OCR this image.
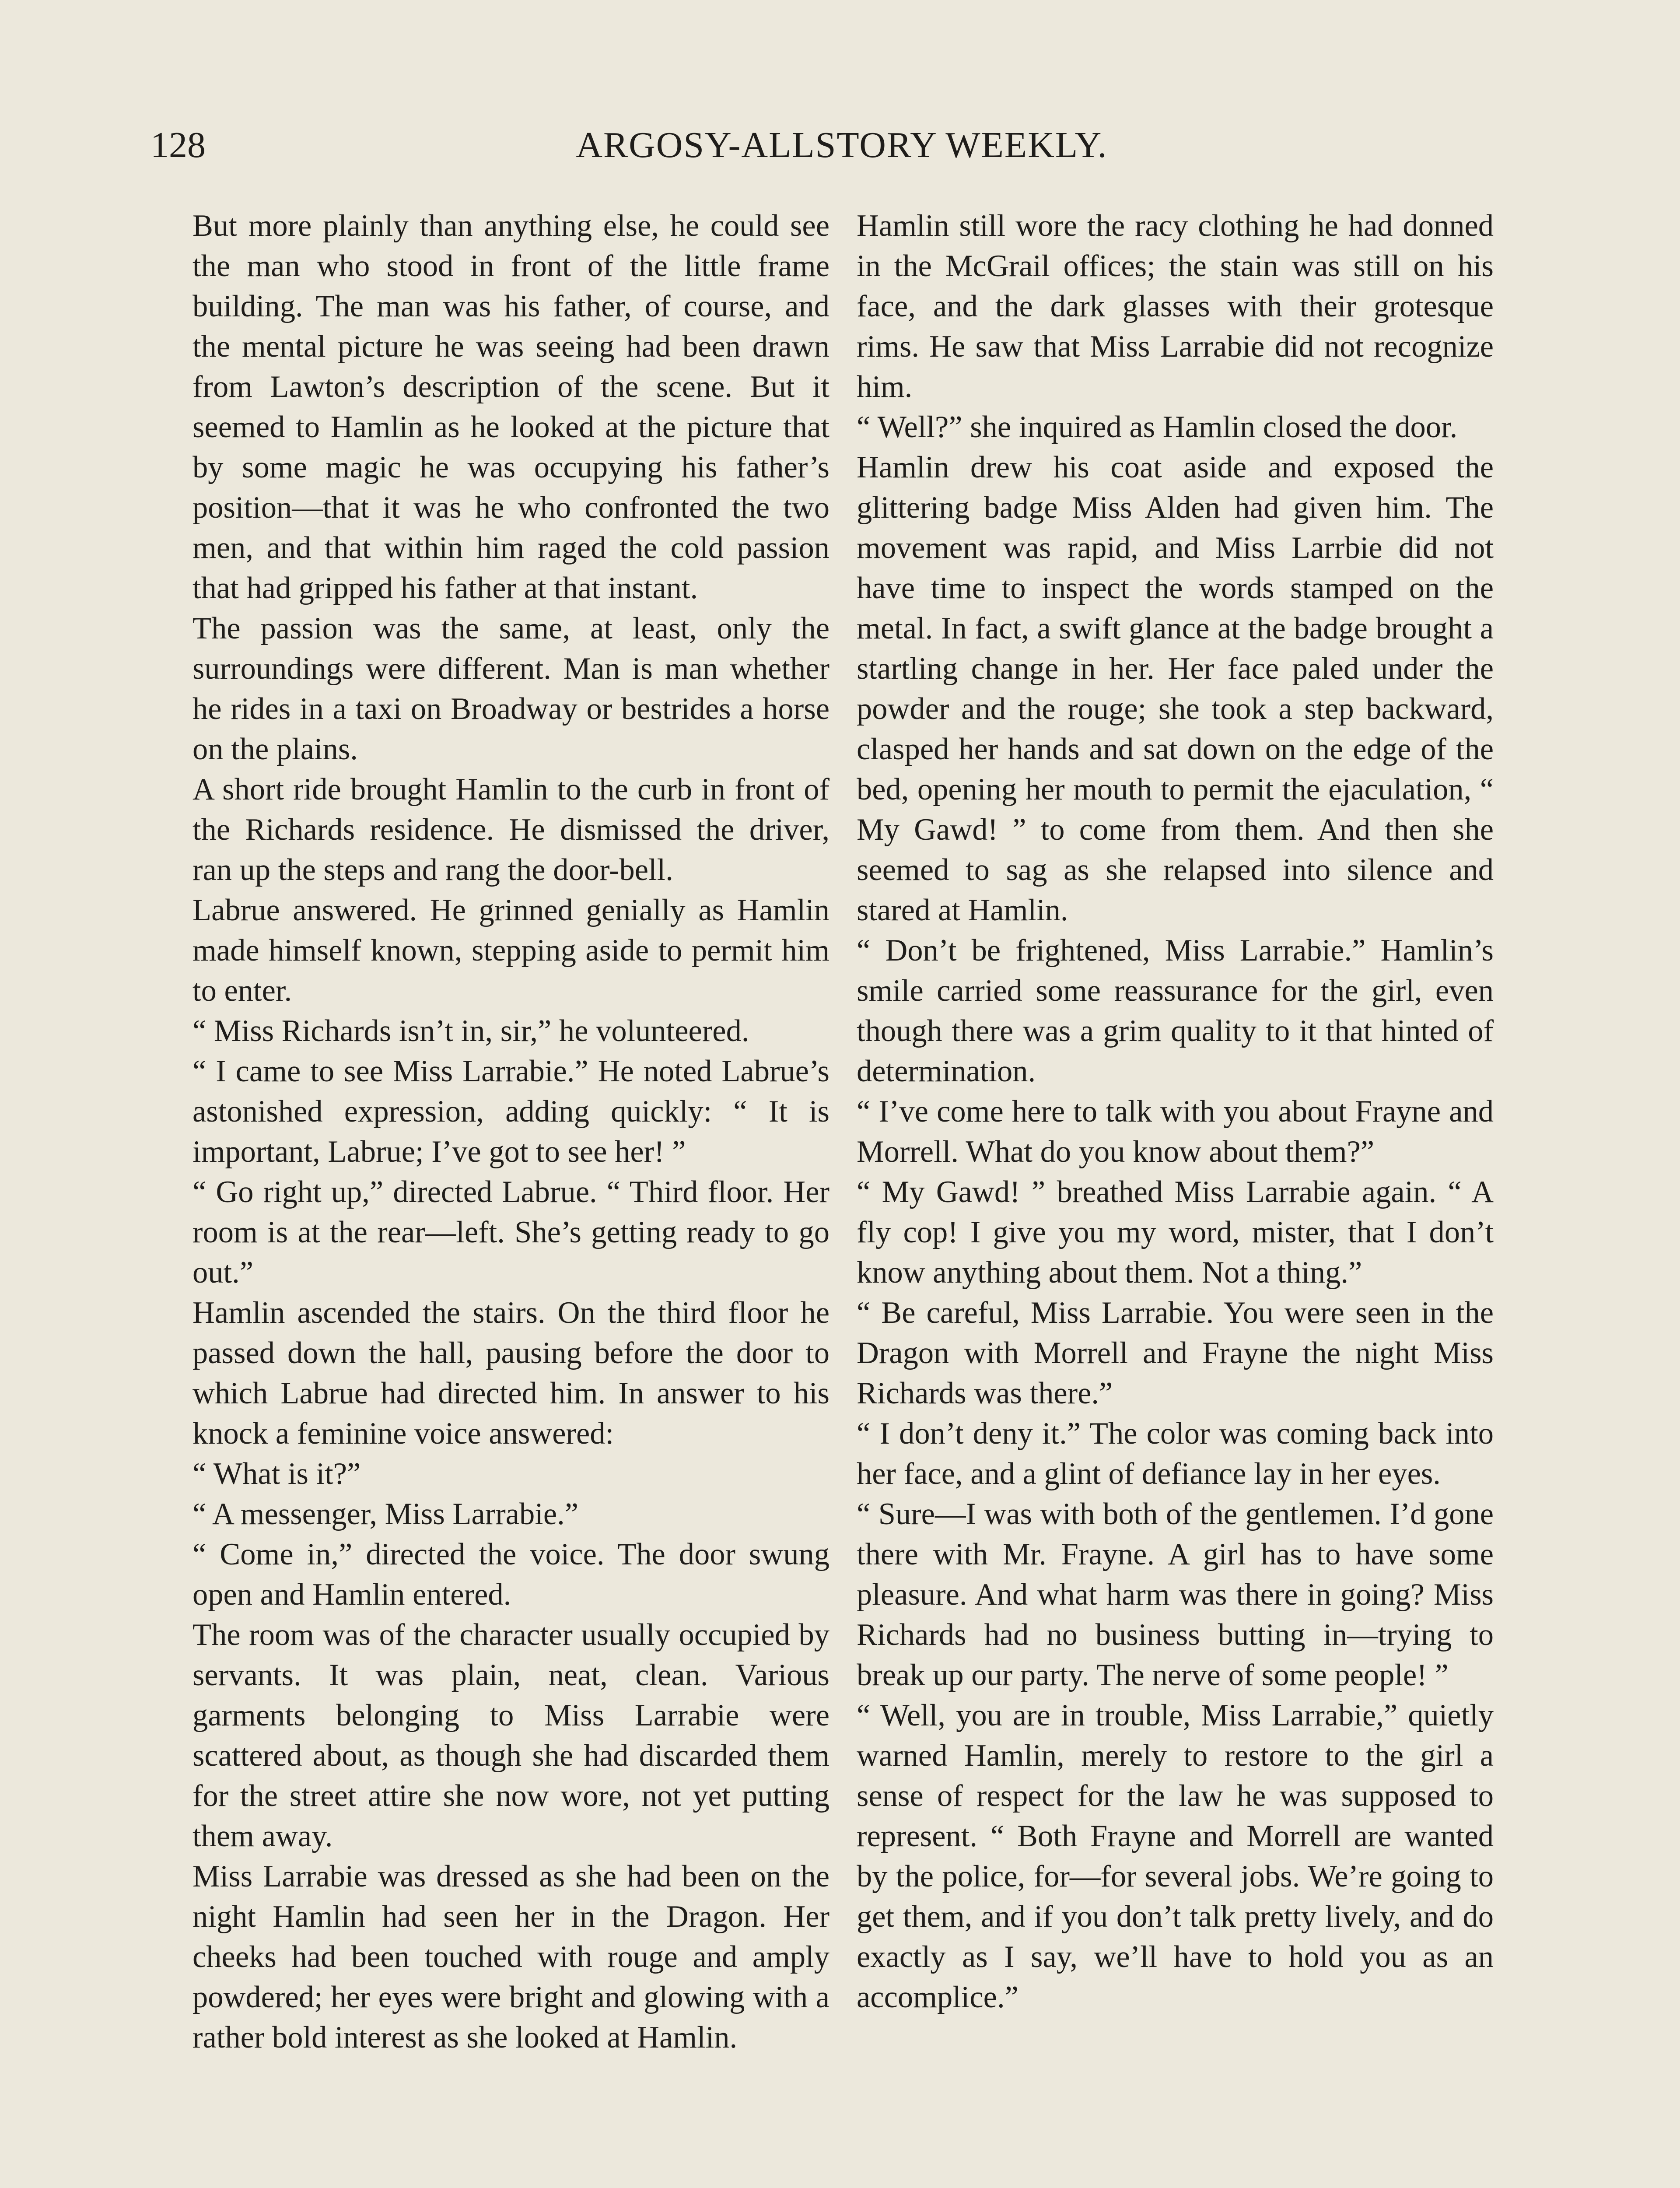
128	ARGOSY-ALLSTORY WEEKLY.

But more plainly than anything else, he could see the man who stood in front of the little frame building. The man was his father, of course, and the mental picture he was seeing had been drawn from Lawton’s description of the scene. But it seemed to Hamlin as he looked at the picture that by some magic he was occupying his father’s position—that it was he who confronted the two men, and that within him raged the cold passion that had gripped his father at that instant.

The passion was the same, at least, only the surroundings were different. Man is man whether he rides in a taxi on Broadway or bestrides a horse on the plains.

A short ride brought Hamlin to the curb in front of the Richards residence. He dismissed the driver, ran up the steps and rang the door-bell.

Labrue answered. He grinned genially as Hamlin made himself known, stepping aside to permit him to enter.

“ Miss Richards isn’t in, sir,” he volunteered.

“ I came to see Miss Larrabie.” He noted Labrue’s astonished expression, adding quickly: “ It is important, Labrue; I’ve got to see her! ”

“ Go right up,” directed Labrue. “ Third floor. Her room is at the rear—left. She’s getting ready to go out.”

Hamlin ascended the stairs. On the third floor he passed down the hall, pausing before the door to which Labrue had directed him. In answer to his knock a feminine voice answered:

“ What is it?”

“ A messenger, Miss Larrabie.”

“ Come in,” directed the voice. The door swung open and Hamlin entered.

The room was of the character usually occupied by servants. It was plain, neat, clean. Various garments belonging to Miss Larrabie were scattered about, as though she had discarded them for the street attire she now wore, not yet putting them away.

Miss Larrabie was dressed as she had been on the night Hamlin had seen her in the Dragon. Her cheeks had been touched with rouge and amply powdered; her eyes were bright and glowing with a rather bold interest as she looked at Hamlin.

Hamlin still wore the racy clothing he had donned in the McGrail offices; the stain was still on his face, and the dark glasses with their grotesque rims. He saw that Miss Larrabie did not recognize him.

“ Well?” she inquired as Hamlin closed the door.

Hamlin drew his coat aside and exposed the glittering badge Miss Alden had given him. The movement was rapid, and Miss Larrbie did not have time to inspect the words stamped on the metal. In fact, a swift glance at the badge brought a startling change in her. Her face paled under the powder and the rouge; she took a step backward, clasped her hands and sat down on the edge of the bed, opening her mouth to permit the ejaculation, “ My Gawd! ” to come from them. And then she seemed to sag as she relapsed into silence and stared at Hamlin.

“ Don’t be frightened, Miss Larrabie.” Hamlin’s smile carried some reassurance for the girl, even though there was a grim quality to it that hinted of determination.

“ I’ve come here to talk with you about Frayne and Morrell. What do you know about them?”

“ My Gawd! ” breathed Miss Larrabie again. “ A fly cop! I give you my word, mister, that I don’t know anything about them. Not a thing.”

“ Be careful, Miss Larrabie. You were seen in the Dragon with Morrell and Frayne the night Miss Richards was there.”

“ I don’t deny it.” The color was coming back into her face, and a glint of defiance lay in her eyes.

“ Sure—I was with both of the gentlemen. I’d gone there with Mr. Frayne. A girl has to have some pleasure. And what harm was there in going? Miss Richards had no business butting in—trying to break up our party. The nerve of some people! ”

“ Well, you are in trouble, Miss Larrabie,” quietly warned Hamlin, merely to restore to the girl a sense of respect for the law he was supposed to represent. “ Both Frayne and Morrell are wanted by the police, for—for several jobs. We’re going to get them, and if you don’t talk pretty lively, and do exactly as I say, we’ll have to hold you as an accomplice.”
